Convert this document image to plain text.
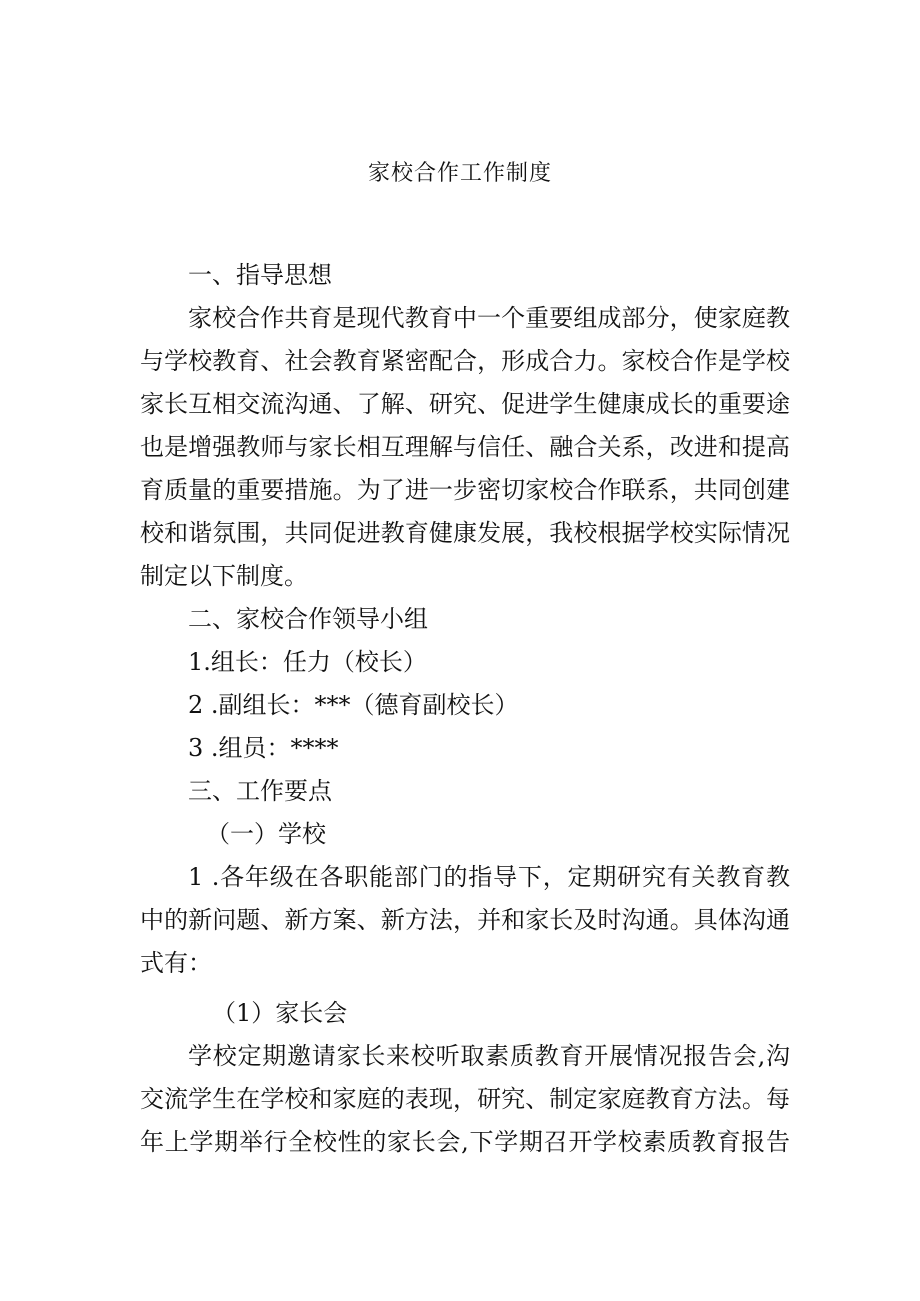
家校合作工作制度
一、指导思想
家校合作共育是现代教育中一个重要组成部分，使家庭教
与学校教育、社会教育紧密配合，形成合力。家校合作是学校
家长互相交流沟通、了解、研究、促进学生健康成长的重要途
也是增强教师与家长相互理解与信任、融合关系，改进和提高
育质量的重要措施。为了进一步密切家校合作联系，共同创建
校和谐氛围，共同促进教育健康发展，我校根据学校实际情况
制定以下制度。
二、家校合作领导小组
1.组长：任力（校长）
2 .副组长：***（德育副校长）
3 .组员：****
三、工作要点
（一）学校
1 .各年级在各职能部门的指导下，定期研究有关教育教
中的新问题、新方案、新方法，并和家长及时沟通。具体沟通
式有：
（1）家长会
学校定期邀请家长来校听取素质教育开展情况报告会,沟
交流学生在学校和家庭的表现，研究、制定家庭教育方法。每
年上学期举行全校性的家长会,下学期召开学校素质教育报告
